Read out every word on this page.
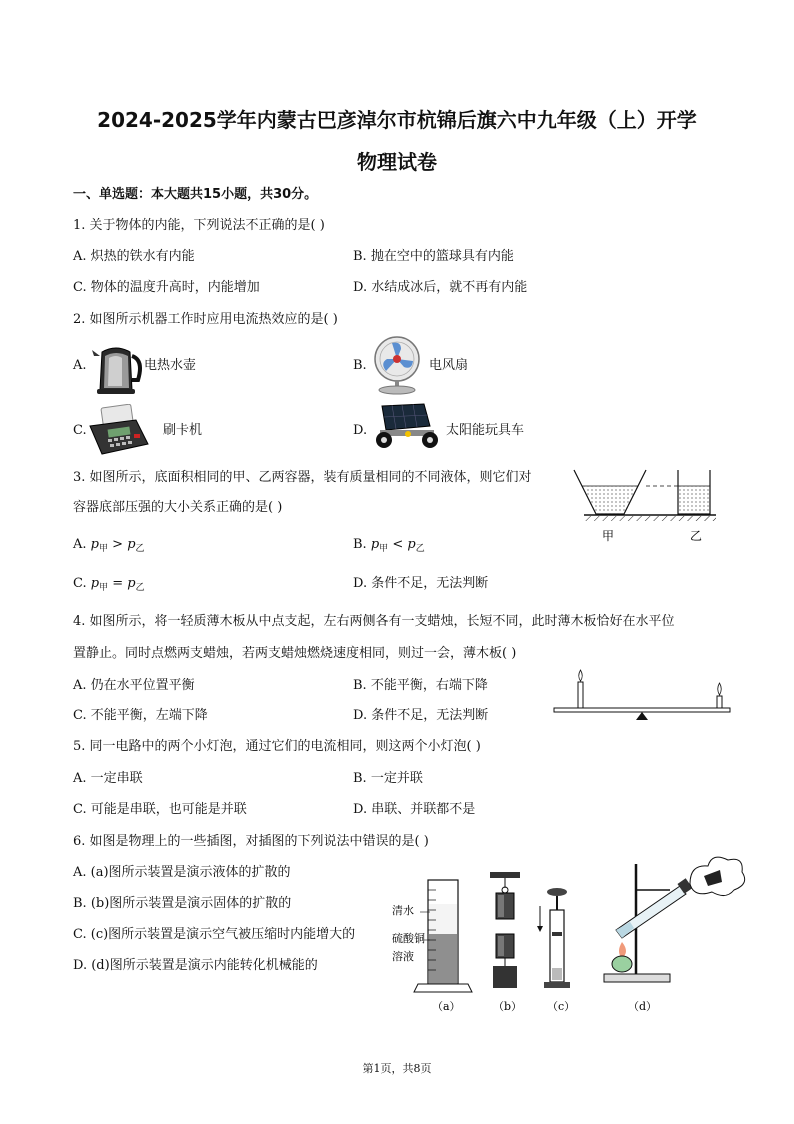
2024-2025学年内蒙古巴彦淖尔市杭锦后旗六中九年级（上）开学
物理试卷
一、单选题：本大题共15小题，共30分。
1. 关于物体的内能，下列说法不正确的是( )
A. 炽热的铁水有内能	B. 抛在空中的篮球具有内能
C. 物体的温度升高时，内能增加	D. 水结成冰后，就不再有内能
2. 如图所示机器工作时应用电流热效应的是( )
A.	电热水壶	B.	电风扇
C.	刷卡机	D.	太阳能玩具车
3. 如图所示，底面积相同的甲、乙两容器，装有质量相同的不同液体，则它们对
容器底部压强的大小关系正确的是( )
A. $p_甲 > p_乙$	B. $p_甲 < p_乙$
C. $p_甲 = p_乙$	D. 条件不足，无法判断
甲	乙
4. 如图所示，将一轻质薄木板从中点支起，左右两侧各有一支蜡烛，长短不同，此时薄木板恰好在水平位
置静止。同时点燃两支蜡烛，若两支蜡烛燃烧速度相同，则过一会，薄木板( )
A. 仍在水平位置平衡	B. 不能平衡，右端下降
C. 不能平衡，左端下降	D. 条件不足，无法判断
5. 同一电路中的两个小灯泡，通过它们的电流相同，则这两个小灯泡( )
A. 一定串联	B. 一定并联
C. 可能是串联，也可能是并联	D. 串联、并联都不是
6. 如图是物理上的一些插图，对插图的下列说法中错误的是( )
A. (a)图所示装置是演示液体的扩散的
B. (b)图所示装置是演示固体的扩散的
C. (c)图所示装置是演示空气被压缩时内能增大的
D. (d)图所示装置是演示内能转化机械能的
清水
硫酸铜
溶液
（a）	（b） （c）	（d）
第1页，共8页
